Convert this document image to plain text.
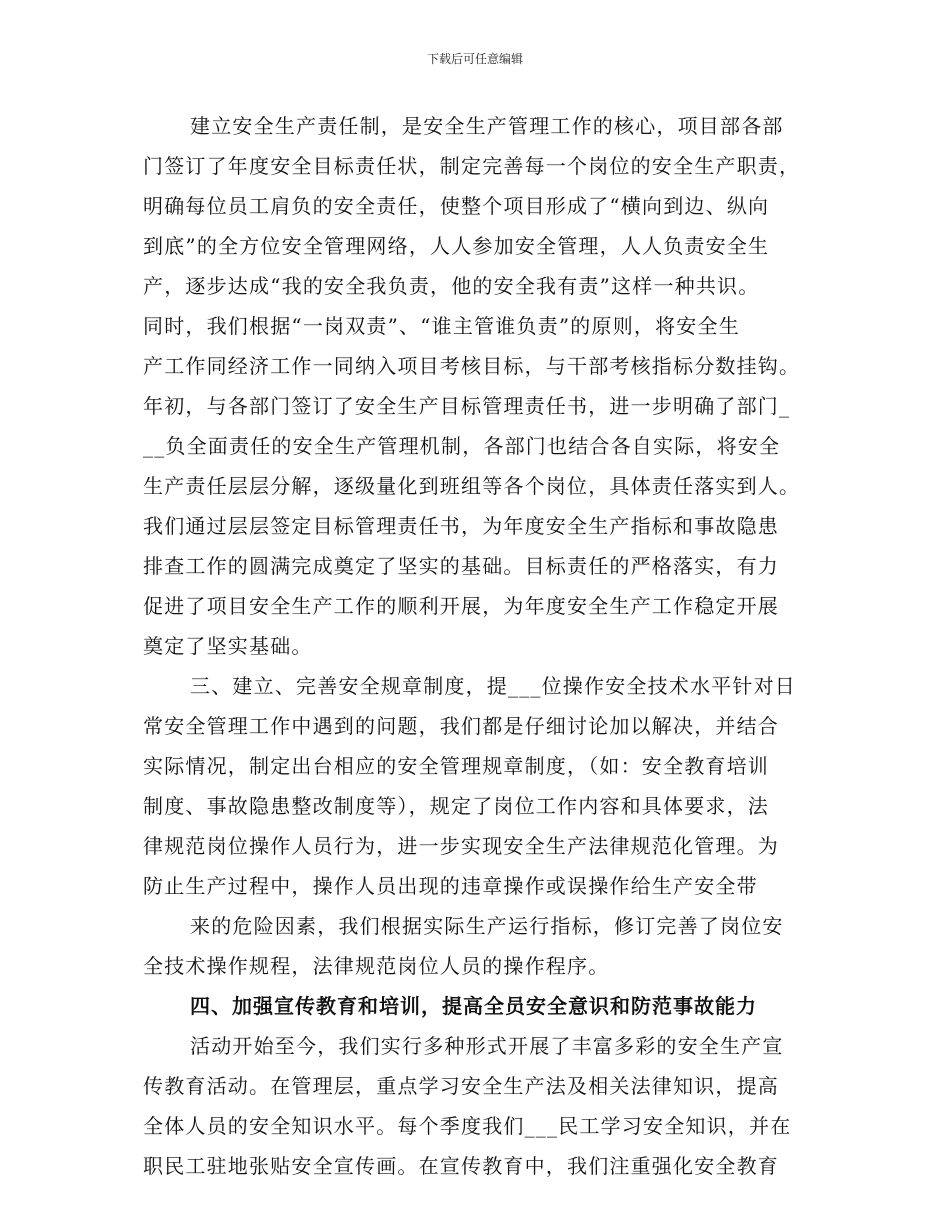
下载后可任意编辑
建立安全生产责任制，是安全生产管理工作的核心，项目部各部
门签订了年度安全目标责任状，制定完善每一个岗位的安全生产职责，
明确每位员工肩负的安全责任，使整个项目形成了“横向到边、纵向
到底”的全方位安全管理网络，人人参加安全管理，人人负责安全生
产，逐步达成“我的安全我负责，他的安全我有责”这样一种共识。
同时，我们根据“一岗双责”、“谁主管谁负责”的原则，将安全生
产工作同经济工作一同纳入项目考核目标，与干部考核指标分数挂钩。
年初，与各部门签订了安全生产目标管理责任书，进一步明确了部门_
__负全面责任的安全生产管理机制，各部门也结合各自实际，将安全
生产责任层层分解，逐级量化到班组等各个岗位，具体责任落实到人。
我们通过层层签定目标管理责任书，为年度安全生产指标和事故隐患
排查工作的圆满完成奠定了坚实的基础。目标责任的严格落实，有力
促进了项目安全生产工作的顺利开展，为年度安全生产工作稳定开展
奠定了坚实基础。
三、建立、完善安全规章制度，提___位操作安全技术水平针对日
常安全管理工作中遇到的问题，我们都是仔细讨论加以解决，并结合
实际情况，制定出台相应的安全管理规章制度，（如：安全教育培训
制度、事故隐患整改制度等），规定了岗位工作内容和具体要求，法
律规范岗位操作人员行为，进一步实现安全生产法律规范化管理。为
防止生产过程中，操作人员出现的违章操作或误操作给生产安全带
来的危险因素，我们根据实际生产运行指标，修订完善了岗位安
全技术操作规程，法律规范岗位人员的操作程序。
四、加强宣传教育和培训，提高全员安全意识和防范事故能力
活动开始至今，我们实行多种形式开展了丰富多彩的安全生产宣
传教育活动。在管理层，重点学习安全生产法及相关法律知识，提高
全体人员的安全知识水平。每个季度我们___民工学习安全知识，并在
职民工驻地张贴安全宣传画。在宣传教育中，我们注重强化安全教育
